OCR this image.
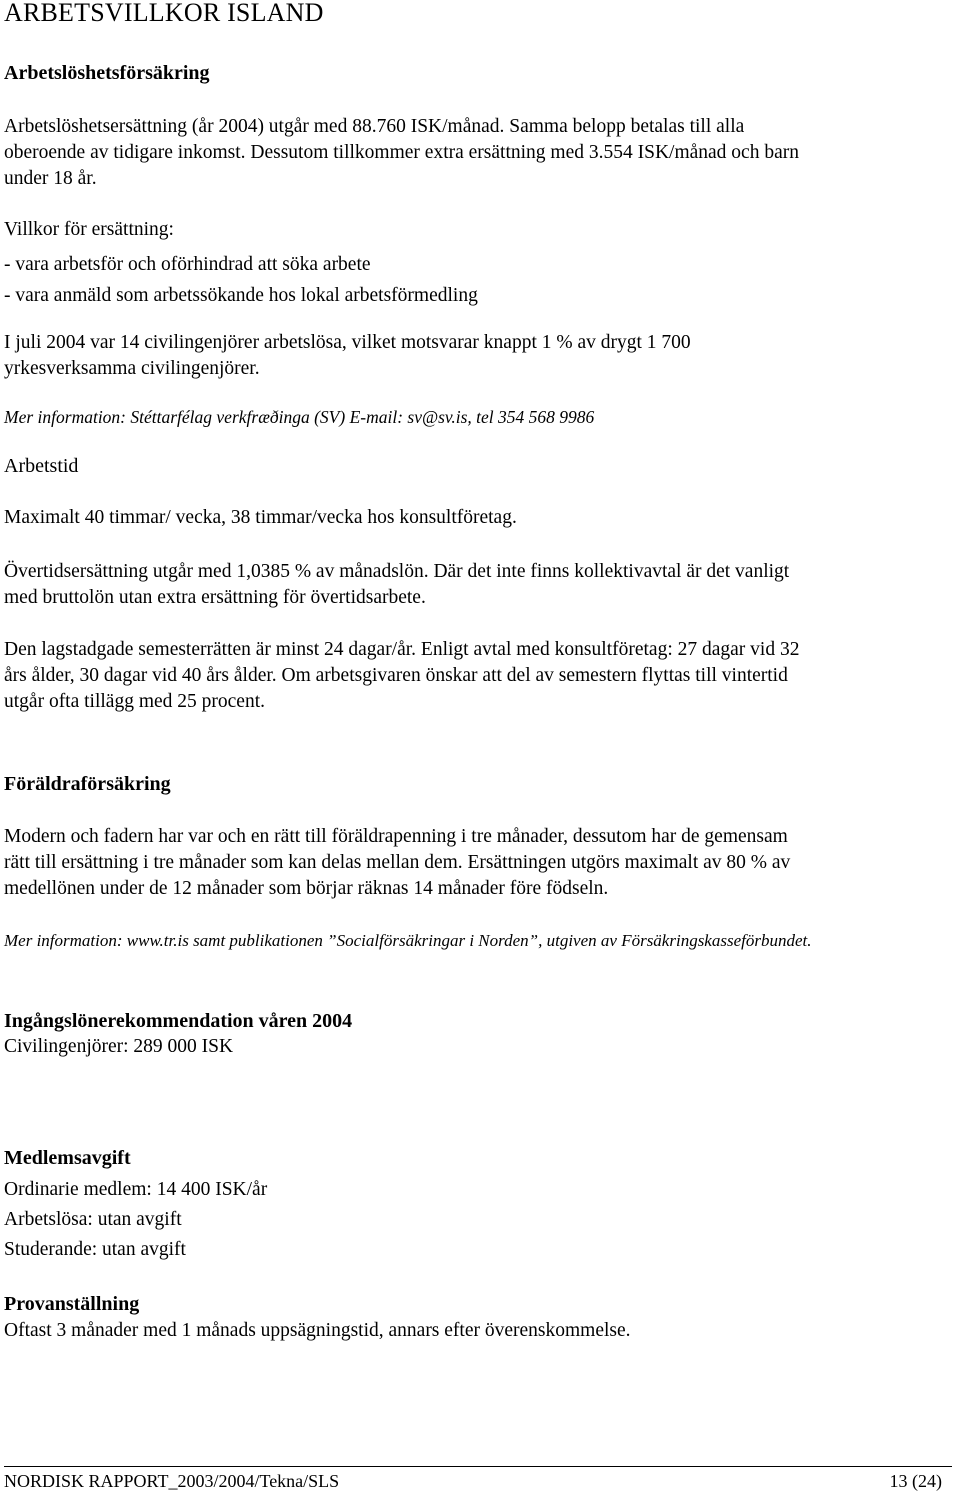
ARBETSVILLKOR ISLAND
Arbetslöshetsförsäkring
Arbetslöshetsersättning (år 2004) utgår med 88.760 ISK/månad. Samma belopp betalas till alla
oberoende av tidigare inkomst. Dessutom tillkommer extra ersättning med 3.554 ISK/månad och barn
under 18 år.
Villkor för ersättning:
- vara arbetsför och oförhindrad att söka arbete
- vara anmäld som arbetssökande hos lokal arbetsförmedling
I juli 2004 var 14 civilingenjörer arbetslösa, vilket motsvarar knappt 1 % av drygt 1 700
yrkesverksamma civilingenjörer.
Mer information: Stéttarfélag verkfræðinga (SV) E-mail: sv@sv.is, tel 354 568 9986
Arbetstid
Maximalt 40 timmar/ vecka, 38 timmar/vecka hos konsultföretag.
Övertidsersättning utgår med 1,0385 % av månadslön. Där det inte finns kollektivavtal är det vanligt
med bruttolön utan extra ersättning för övertidsarbete.
Den lagstadgade semesterrätten är minst 24 dagar/år. Enligt avtal med konsultföretag: 27 dagar vid 32
års ålder, 30 dagar vid 40 års ålder. Om arbetsgivaren önskar att del av semestern flyttas till vintertid
utgår ofta tillägg med 25 procent.
Föräldraförsäkring
Modern och fadern har var och en rätt till föräldrapenning i tre månader, dessutom har de gemensam
rätt till ersättning i tre månader som kan delas mellan dem. Ersättningen utgörs maximalt av 80 % av
medellönen under de 12 månader som börjar räknas 14 månader före födseln.
Mer information: www.tr.is samt publikationen ”Socialförsäkringar i Norden”, utgiven av Försäkringskasseförbundet.
Ingångslönerekommendation våren 2004
Civilingenjörer: 289 000 ISK
Medlemsavgift
Ordinarie medlem: 14 400 ISK/år
Arbetslösa: utan avgift
Studerande: utan avgift
Provanställning
Oftast 3 månader med 1 månads uppsägningstid, annars efter överenskommelse.
NORDISK RAPPORT_2003/2004/Tekna/SLS	13 (24)
